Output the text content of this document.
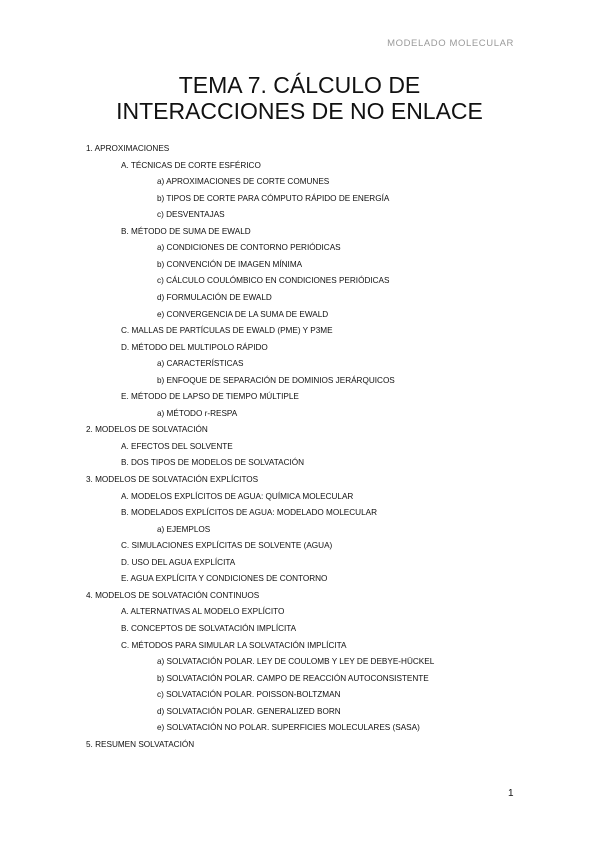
MODELADO MOLECULAR
TEMA 7. CÁLCULO DE
INTERACCIONES DE NO ENLACE
1. APROXIMACIONES
A. TÉCNICAS DE CORTE ESFÉRICO
a) APROXIMACIONES DE CORTE COMUNES
b) TIPOS DE CORTE PARA CÓMPUTO RÁPIDO DE ENERGÍA
c) DESVENTAJAS
B. MÉTODO DE SUMA DE EWALD
a) CONDICIONES DE CONTORNO PERIÓDICAS
b) CONVENCIÓN DE IMAGEN MÍNIMA
c) CÁLCULO COULÓMBICO EN CONDICIONES PERIÓDICAS
d) FORMULACIÓN DE EWALD
e) CONVERGENCIA DE LA SUMA DE EWALD
C. MALLAS DE PARTÍCULAS DE EWALD (PME) Y P3ME
D. MÉTODO DEL MULTIPOLO RÁPIDO
a) CARACTERÍSTICAS
b) ENFOQUE DE SEPARACIÓN DE DOMINIOS JERÁRQUICOS
E. MÉTODO DE LAPSO DE TIEMPO MÚLTIPLE
a) MÉTODO r-RESPA
2. MODELOS DE SOLVATACIÓN
A. EFECTOS DEL SOLVENTE
B. DOS TIPOS DE MODELOS DE SOLVATACIÓN
3. MODELOS DE SOLVATACIÓN EXPLÍCITOS
A. MODELOS EXPLÍCITOS DE AGUA: QUÍMICA MOLECULAR
B. MODELADOS EXPLÍCITOS DE AGUA: MODELADO MOLECULAR
a) EJEMPLOS
C. SIMULACIONES EXPLÍCITAS DE SOLVENTE (AGUA)
D. USO DEL AGUA EXPLÍCITA
E. AGUA EXPLÍCITA Y CONDICIONES DE CONTORNO
4. MODELOS DE SOLVATACIÓN CONTINUOS
A. ALTERNATIVAS AL MODELO EXPLÍCITO
B. CONCEPTOS DE SOLVATACIÓN IMPLÍCITA
C. MÉTODOS PARA SIMULAR LA SOLVATACIÓN IMPLÍCITA
a) SOLVATACIÓN POLAR. LEY DE COULOMB Y LEY DE DEBYE-HÜCKEL
b) SOLVATACIÓN POLAR. CAMPO DE REACCIÓN AUTOCONSISTENTE
c) SOLVATACIÓN POLAR. POISSON-BOLTZMAN
d) SOLVATACIÓN POLAR. GENERALIZED BORN
e) SOLVATACIÓN NO POLAR. SUPERFICIES MOLECULARES (SASA)
5. RESUMEN SOLVATACIÓN
1
